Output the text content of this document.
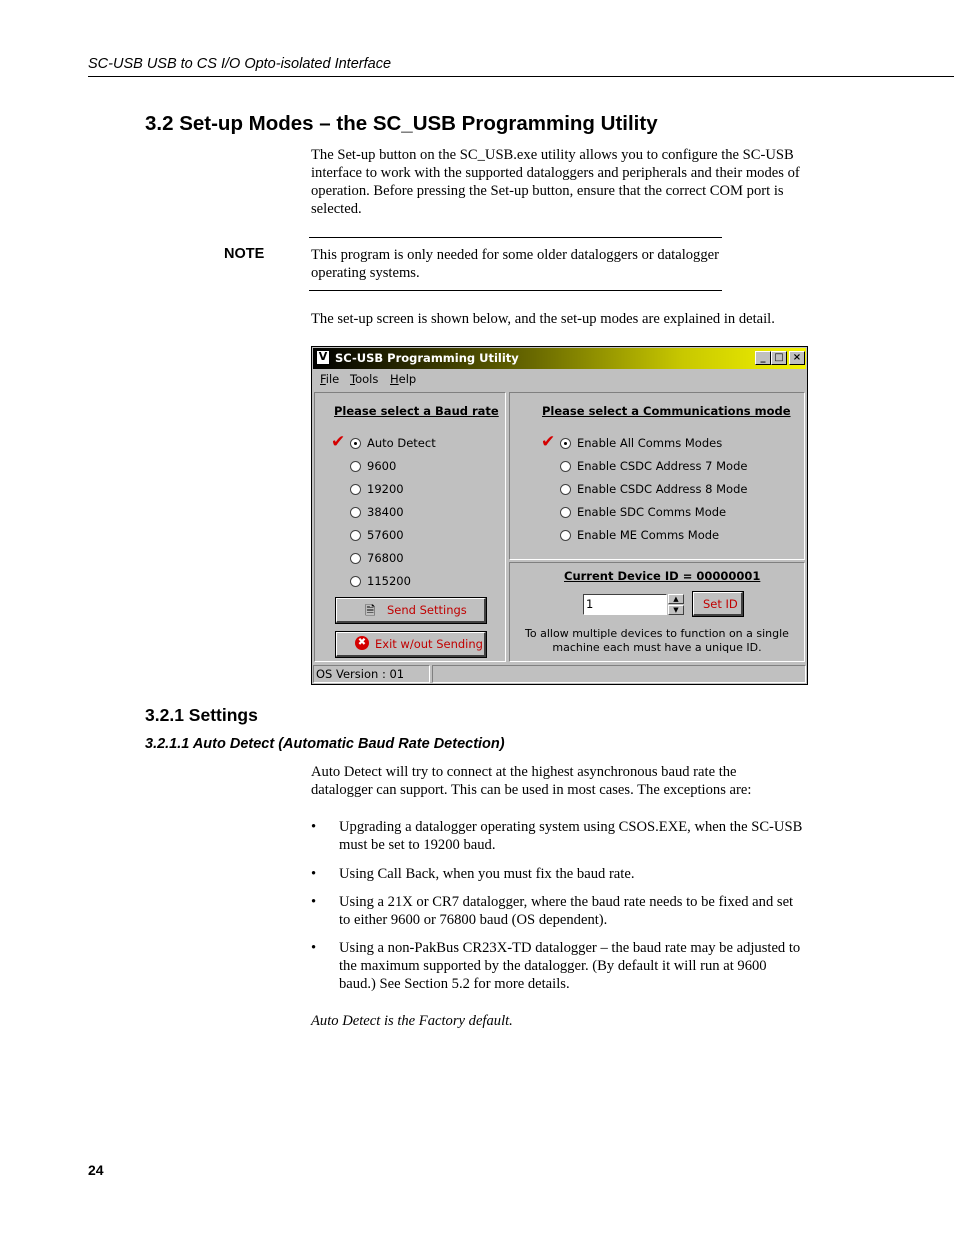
SC-USB USB to CS I/O Opto-isolated Interface
3.2 Set-up Modes – the SC_USB Programming Utility
The Set-up button on the SC_USB.exe utility allows you to configure the SC-USB interface to work with the supported dataloggers and peripherals and their modes of operation. Before pressing the Set-up button, ensure that the correct COM port is selected.
NOTE	This program is only needed for some older dataloggers or datalogger operating systems.
The set-up screen is shown below, and the set-up modes are explained in detail.
V SC-USB Programming Utility	_ □ ×
File Tools Help
Please select a Baud rate
✔ Auto Detect
9600
19200
38400
57600
76800
115200
🗎 Send Settings
✖ Exit w/out Sending
Please select a Communications mode
✔ Enable All Comms Modes
Enable CSDC Address 7 Mode
Enable CSDC Address 8 Mode
Enable SDC Comms Mode
Enable ME Comms Mode
Current Device ID = 00000001
1	▲
▼	Set ID
To allow multiple devices to function on a single
machine each must have a unique ID.
OS Version : 01
3.2.1 Settings
3.2.1.1 Auto Detect (Automatic Baud Rate Detection)
Auto Detect will try to connect at the highest asynchronous baud rate the datalogger can support. This can be used in most cases. The exceptions are:
• Upgrading a datalogger operating system using CSOS.EXE, when the SC-USB must be set to 19200 baud.
• Using Call Back, when you must fix the baud rate.
• Using a 21X or CR7 datalogger, where the baud rate needs to be fixed and set to either 9600 or 76800 baud (OS dependent).
• Using a non-PakBus CR23X-TD datalogger – the baud rate may be adjusted to the maximum supported by the datalogger. (By default it will run at 9600 baud.) See Section 5.2 for more details.
Auto Detect is the Factory default.
24
